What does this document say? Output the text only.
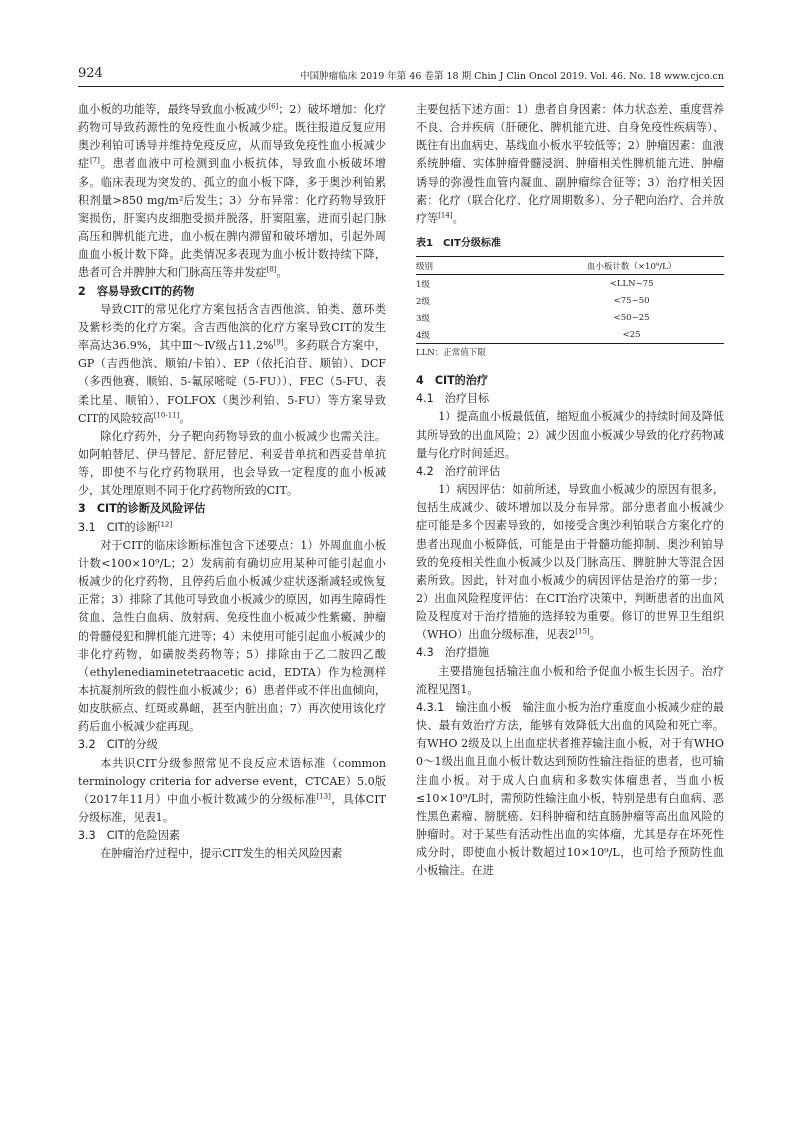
924	中国肿瘤临床 2019 年第 46 卷第 18 期 Chin J Clin Oncol 2019. Vol. 46. No. 18 www.cjco.cn

血小板的功能等，最终导致血小板减少[6]；2）破坏增加：化疗药物可导致药源性的免疫性血小板减少症。既往报道反复应用奥沙利铂可诱导并维持免疫反应，从而导致免疫性血小板减少症[7]。患者血液中可检测到血小板抗体，导致血小板破坏增多。临床表现为突发的、孤立的血小板下降，多于奥沙利铂累积剂量>850 mg/m²后发生；3）分布异常：化疗药物导致肝窦损伤，肝窦内皮细胞受损并脱落，肝窦阻塞，进而引起门脉高压和脾机能亢进，血小板在脾内滞留和破坏增加，引起外周血血小板计数下降。此类情况多表现为血小板计数持续下降，患者可合并脾肿大和门脉高压等并发症[8]。

2　容易导致CIT的药物

导致CIT的常见化疗方案包括含吉西他滨、铂类、蒽环类及紫杉类的化疗方案。含吉西他滨的化疗方案导致CIT的发生率高达36.9%，其中Ⅲ～Ⅳ级占11.2%[9]。多药联合方案中，GP（吉西他滨、顺铂/卡铂）、EP（依托泊苷、顺铂）、DCF（多西他赛、顺铂、5-氟尿嘧啶（5-FU））、FEC（5-FU、表柔比星、顺铂）、FOLFOX（奥沙利铂、5-FU）等方案导致CIT的风险较高[10-11]。

除化疗药外，分子靶向药物导致的血小板减少也需关注。如阿帕替尼、伊马替尼、舒尼替尼、利妥昔单抗和西妥昔单抗等，即使不与化疗药物联用，也会导致一定程度的血小板减少，其处理原则不同于化疗药物所致的CIT。

3　CIT的诊断及风险评估

3.1　CIT的诊断[12]

对于CIT的临床诊断标准包含下述要点：1）外周血血小板计数<100×10⁹/L；2）发病前有确切应用某种可能引起血小板减少的化疗药物，且停药后血小板减少症状逐渐减轻或恢复正常；3）排除了其他可导致血小板减少的原因，如再生障碍性贫血、急性白血病、放射病、免疫性血小板减少性紫癜、肿瘤的骨髓侵犯和脾机能亢进等；4）未使用可能引起血小板减少的非化疗药物，如磺胺类药物等；5）排除由于乙二胺四乙酸（ethylenediaminetetraacetic acid，EDTA）作为检测样本抗凝剂所致的假性血小板减少；6）患者伴或不伴出血倾向，如皮肤瘀点、红斑或鼻衄，甚至内脏出血；7）再次使用该化疗药后血小板减少症再现。

3.2　CIT的分级

本共识CIT分级参照常见不良反应术语标准（common terminology criteria for adverse event，CTCAE）5.0版（2017年11月）中血小板计数减少的分级标准[13]，具体CIT分级标准，见表1。

3.3　CIT的危险因素

在肿瘤治疗过程中，提示CIT发生的相关风险因素

主要包括下述方面：1）患者自身因素：体力状态差、重度营养不良、合并疾病（肝硬化、脾机能亢进、自身免疫性疾病等）、既往有出血病史、基线血小板水平较低等；2）肿瘤因素：血液系统肿瘤、实体肿瘤骨髓浸润、肿瘤相关性脾机能亢进、肿瘤诱导的弥漫性血管内凝血、副肿瘤综合征等；3）治疗相关因素：化疗（联合化疗、化疗周期数多）、分子靶向治疗、合并放疗等[14]。

表1　CIT分级标准
级别	血小板计数（×10⁹/L）
1级	<LLN~75
2级	<75~50
3级	<50~25
4级	<25
LLN：正常值下限

4　CIT的治疗

4.1　治疗目标

1）提高血小板最低值，缩短血小板减少的持续时间及降低其所导致的出血风险；2）减少因血小板减少导致的化疗药物减量与化疗时间延迟。

4.2　治疗前评估

1）病因评估：如前所述，导致血小板减少的原因有很多，包括生成减少、破坏增加以及分布异常。部分患者血小板减少症可能是多个因素导致的，如接受含奥沙利铂联合方案化疗的患者出现血小板降低，可能是由于骨髓功能抑制、奥沙利铂导致的免疫相关性血小板减少以及门脉高压、脾脏肿大等混合因素所致。因此，针对血小板减少的病因评估是治疗的第一步；2）出血风险程度评估：在CIT治疗决策中，判断患者的出血风险及程度对于治疗措施的选择较为重要。修订的世界卫生组织（WHO）出血分级标准，见表2[15]。

4.3　治疗措施

主要措施包括输注血小板和给予促血小板生长因子。治疗流程见图1。

4.3.1　输注血小板　 输注血小板为治疗重度血小板减少症的最快、最有效治疗方法，能够有效降低大出血的风险和死亡率。有WHO 2级及以上出血症状者推荐输注血小板，对于有WHO 0～1级出血且血小板计数达到预防性输注指征的患者，也可输注血小板。对于成人白血病和多数实体瘤患者，当血小板≤10×10⁹/L时，需预防性输注血小板，特别是患有白血病、恶性黑色素瘤、膀胱癌、妇科肿瘤和结直肠肿瘤等高出血风险的肿瘤时。对于某些有活动性出血的实体瘤，尤其是存在坏死性成分时，即使血小板计数超过10×10⁹/L，也可给予预防性血小板输注。在进
